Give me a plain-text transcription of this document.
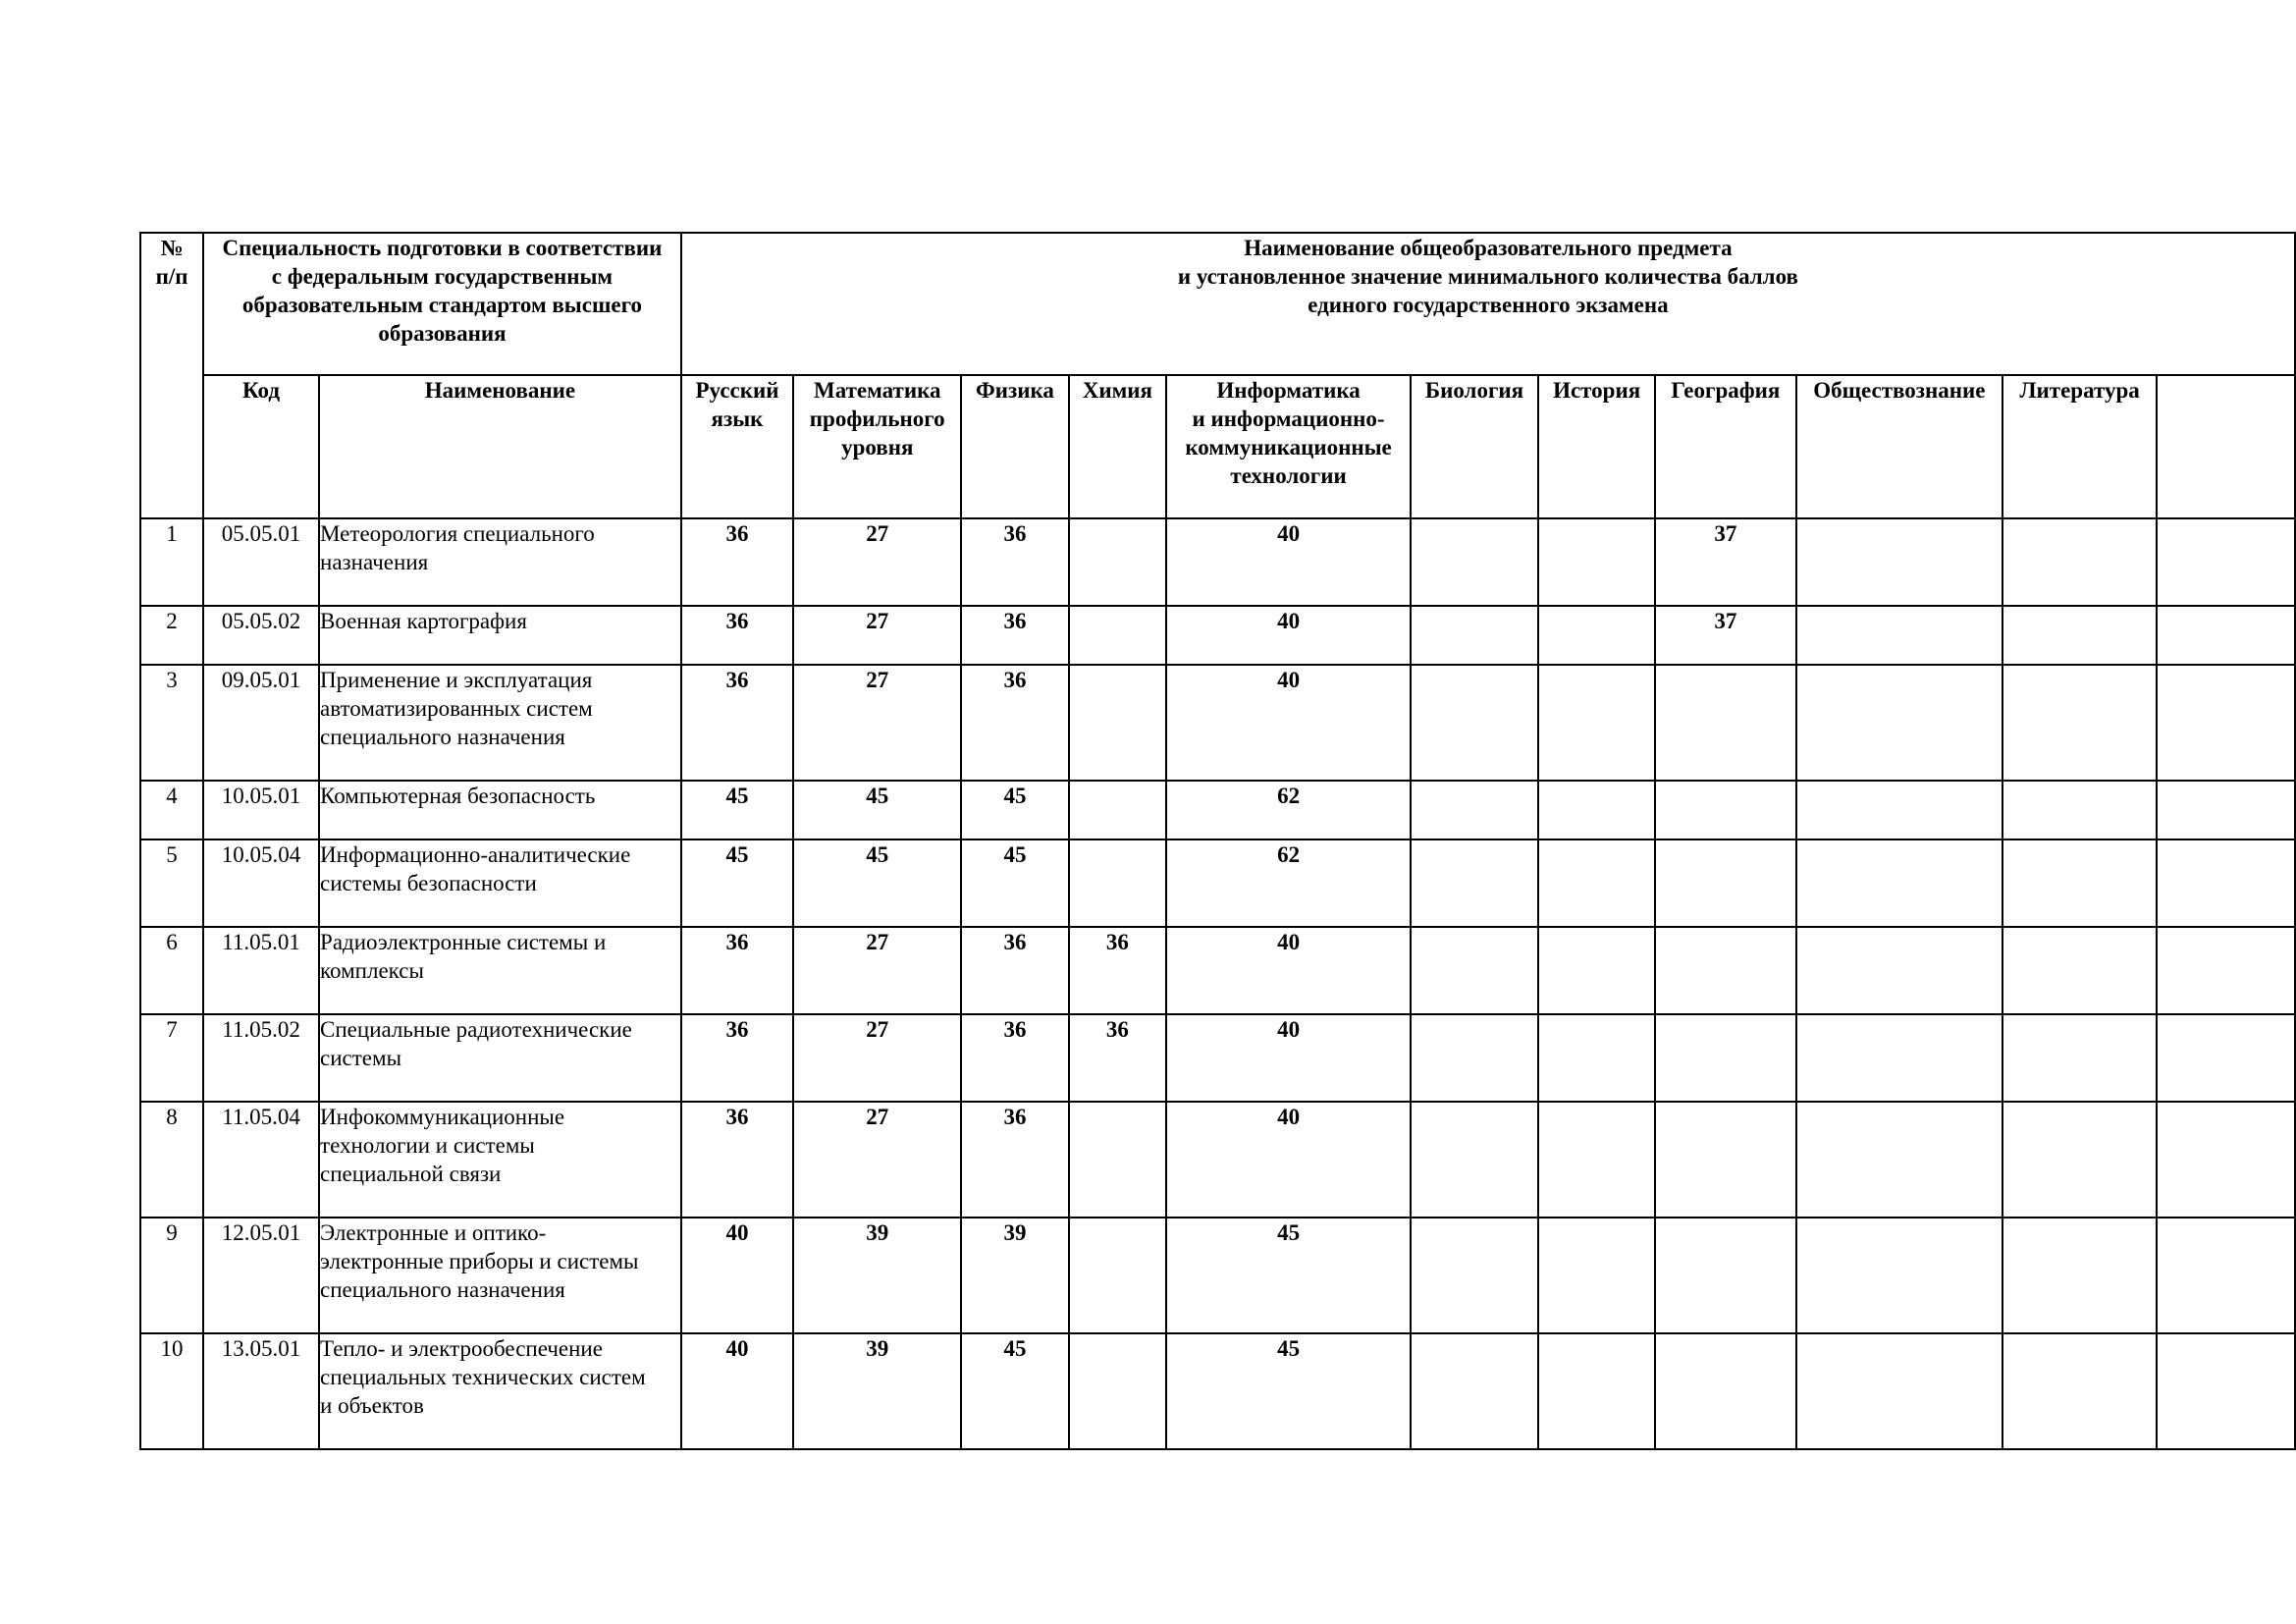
№
п/п	Специальность подготовки в соответствии
с федеральным государственным
образовательным стандартом высшего
образования		Наименование общеобразовательного предмета
и установленное значение минимального количества баллов
единого государственного экзамена										

	Код	Наименование	Русский
язык	Математика
профильного
уровня	Физика	Химия	Информатика
и информационно-
коммуникационные
технологии	Биология	История	География	Обществознание	Литература	

1	05.05.01	Метеорология специального
назначения	36	27	36		40			37			
2	05.05.02	Военная картография	36	27	36		40			37			
3	09.05.01	Применение и эксплуатация
автоматизированных систем
специального назначения	36	27	36		40						
4	10.05.01	Компьютерная безопасность	45	45	45		62						
5	10.05.04	Информационно-аналитические
системы безопасности	45	45	45		62						
6	11.05.01	Радиоэлектронные системы и
комплексы	36	27	36	36	40						
7	11.05.02	Специальные радиотехнические
системы	36	27	36	36	40						
8	11.05.04	Инфокоммуникационные
технологии и системы
специальной связи	36	27	36		40						
9	12.05.01	Электронные и оптико-
электронные приборы и системы
специального назначения	40	39	39		45						
10	13.05.01	Тепло- и электрообеспечение
специальных технических систем
и объектов	40	39	45		45						
